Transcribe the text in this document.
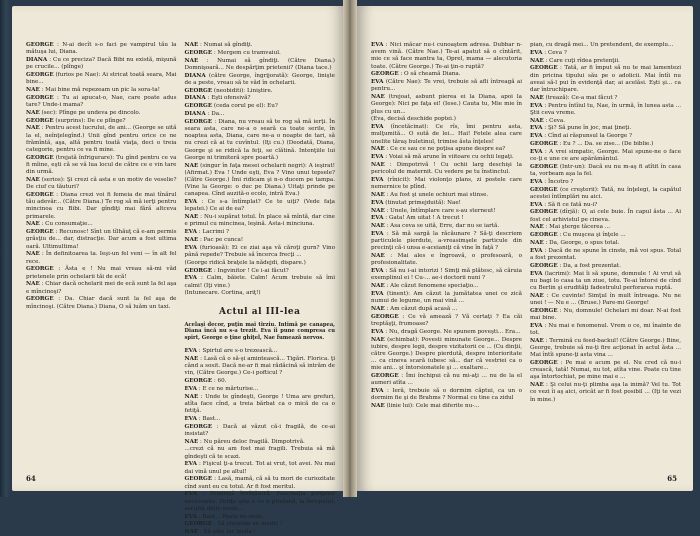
GEORGE : N-ai decît s-o faci pe vampirul tău la mătuşa lui, Diana.

DIANA : Cu ce preciza? Dacă Bibi nu există, mişună pe crucile... (plînge)

GEORGE (furios pe Nae): Ai stricat toată seara, Mai bine...

NAE : Mai bine mă repezeam un pic la sora-ta!

GEORGE : Tu ai apucat-o, Nae, care poate adus tare? Unde-i mama?

NAE (sec): Plînge pe undeva pe dincolo.

GEORGE (surprins): De ce plînge?

NAE : Pentru acest lucrului, de ani... (George se uită la el, neînţelegînd.) Unii gînd pentru orice ce ne frămîntă, aşa, altă pentru toată viaţa, deci o treia categorie, pentru ce va fi mine.

GEORGE (trejată înfrigurare): Tu gînd pentru ce va fi mîine, eşti că se vă lua locul de către ce e vin tare din urmă.

NAE (serios): Şi crezi că asta e un motiv de veselie? De ciuf cu tăuturi?

GEORGE : Diana crezi voi fi femeia de mai tînărul tău adevăr... (Către Diana.) Te rog să mă ierţi pentru mincinoa cu Bibi. Dar gîndiţi mai fără altceva primarele.

NAE : Cu consumaţie...

GEORGE : Recunosc! Sînt un tîlhăuţ că e-am permis grăsţiu de... dar, distracţie. Dar acum a fost ultima oară. Ultimultima!

NAE : În definitoarea ta. Ieşi-un fel veni — în alt fel rece.

GEORGE : Ăsta e ! Nu mai vreau să-mi văd prietenele prin ochelarii tăi de ecă!

NAE : Chiar dacă ochelarii mei de ecă sunt la fel aşa e mîncinoşi?

GEORGE : Da. Chiar dacă sunt la fel aşa de mîncinoşi. (Către Diana.) Diana, O să luăm un taxi.

NAE : Numai să gîndiţi.

GEORGE : Mergem cu tramvaiul.

NAE : Numai să gîndiţi. (Către Diana.) Domnişoară... Ne despărţim prietenii? (Diana tace.)

DIANA (către George, îngrijorată): George, linişte de a peste, vreau să te văd în ochelarii.

GEORGE (neobiditi): Liniştire.

DIANA : Eşti ofensivă?

GEORGE (ceda corul pe el): Eu?

DIANA : Da...

GEORGE : Diana, nu vreau să te rog să mă ierţi. În seara asta, care ne-a o seară ca toate serile, în noaptea asta, Diana, care ne-a o noapte de tari, să nu crezi că ai tu cuvîntul. (Iţi cu.) (Deodată, Diana, George şi se ridică la feţi, se clătină. Intenţiile lui George ni trimiteră spre poartă.)

NAE (singur în faţa mesei ochelarii negri): A ieşirat! (Afirmat.) Eva ! Unde eşti, Eva ? Vino unui tepsele? (Către George.) Îmi ridicam şi n-o ducem pe tampa. (Vine la George: o duc pe Diana.) Uitaţi prinde pe canapea. Cînd auzită-o ecolo, intră Eva.)

EVA : Ce s-a întîmplat? Ce te uiţi? (Vede faţa lepatei.) Ce ai de ea?

NAE : Nu-i supărat totul. În place să mîntă, dar cine e primul cu mincinea, leşină. Asta-i minciuna.

EVA : Lacrimi ?

NAE : Pac pe cunca!

EVA (furioasă): Ei ce ziai aşa vă căroţi gurn? Vino până repede? Trebuie să încerca frecţi ...

(George ridică braţele la nădejdi, dispare.)

GEORGE : Ingvinitor ! Ce i-ai făcut?

EVA : Calm, băiete. Calm! Acum trebuie să îmi calmi! (Iţi vine.)

(Intunecare. Cortina, ariţ!)

Actul al III-lea
Acelaşi decor, puţin mai tîrziu. Intimă pe canapea, Diana încă nu s-a trezit. Eva îi pune compresa cu spirt, George o ţine ghiţel, Nae fumează nervos.

EVA : Spirtul are s-o trezească...

NAE : Lasă că o să-şi amintească... Tigări. Florica. ţi când a sosit. Dacă ne-ar fi mai rădăcină să intrăm de vin, (Către George.) Ce-i pofticul ?

GEORGE : 60.

EVA : E ce ne mărturise...

NAE : Unde te gîndeşti, George ! Uma are grefuri, atîta face cînd, a treia bărbat ca o mică de ca o fetiţă.

EVA : Bast...

GEORGE : Dacă ai văzut că-i fragilă, de ce-ai insistat?

NAE : Nu păreu deloc fragilă. Dimpotrivă.

...crezi că nu am fost mai fragili. Trebuia să mă gîndeşti că te scazi.

EVA : Fişicul ţi-a trecut. Tot ai vrut, tot avei. Nu mai dai vină unul pe altul!

GEORGE : Lasă, mamă, că să tu mori de curiozitate cînd sunt eu cu totul. Ar fi fost meritul.

EVA : Tendinţă învăţătură. Fascinaţia poliţelor necuvenite. Fetiţa asta e cu o prietenă, la începutul, ascultă dintr-unele...

EVA : Bast... Poate ne-uede.

GEORGE : Să chemăm un medic !

NAE : Să aibe loc boala !

64

EVA : Nici măcar nu-i cunoaştem adresa. Dubbar n-avem vină. (Către Nae.) Te-ai apatut să o cîntărit, mie ce să face mantra ta, Oprel, mama — alecutoria toate. (Către George.) Te-ai ţin-o ruptă?

GEORGE : O să cheamă Diana.

EVA (Către Nae): Te vrei, trebuie să afli întreagă ai pentru...

NAE (trejoat, asbunt pierea ei la Diana, apoi la George): Nici pe faţa ei! (Iese.) Cauta tu, Mie mie în plus cu un...

(Eva, decisă deschide poptei.)

EVA (încetăcinat): Ce rîs, îmi pentru asta, mulţumită... O sută de lei... Hai! Fetele alea care unelite tăraş buletinul, trimise ăsta înţeles!

NAE : Ce ce sau ce ne poţisa apune despre ea?

EVA : Voiai să mă arune în viitoare cu ochii legaţi.

NAE : Dimpotrivă ! Cu ochii larg deschişi la pericolul de maternit. Cu vedere pe tu înstinctul.

EVA (rînicit): Mai violonţo plans, zi postele care nemernice te plînd.

NAE : Au fost şi unele ochiuri mai stinse.

EVA (tinutat primejduită): Nae!

NAE : Unele, întîmplare care s-au sterneut!

EVA : Gata! Am uitat ! A trecut !

NAE : Asa ceva se uită, Erre, dar nu se iartă.

EVA : Să mă sargă la răcăunare ? Să-ţi descriem particulele pierdute, a-vreasimşele particule din precinţi că-i unsa e-aceianiţi că vine în faţă ?

NAE : Mai ales e îngroavă, o profesoară, o profesionalitate.

EVA : Să nu i-ai intorizi ! Simţi mă plătesc, să căruia exemplinul ei ! Cu-... ae-i doctorii nuni ?

NAE : Ale căzut fenomene speciaţio...

EVA (tinent): Am căzut la jumătatea unei ce zică numui de legume, un mai vină ...

NAE : Am căzut după acasă ...

GEORGE : Ce vă amează ? Vă certaţi ? Ea căi treptăşţi, frumoase?

EVA : Nu, dragă George. Ne spunem poveşti... Era...

NAE (schimbat): Povesti minunate George... Despre iubire, despre legii, despre vizitatorii ce ... (Cu dinţii, către George.) Despre pierdută, despre interioritate ... ca cineva scară iubesc să... dar că vestriei ca o mie ani... şi întorsionatele şi ... exaltare...

GEORGE : Îmi închipui că nu mi-aţi ... nu de la el aumeri atîta ...

EVA : Ieră, trebuie să o dormim căptui, ca un o dormim fie şi de Brahms ? Normal cu tine ca zidul

NAE (linie lui): Cele mai diferite nu-...

pian, cu dragă mei... Un pretendent, de exemplu...

EVA : Ceva ?

NAE : Care cuţi rîdea pretenţii.

GEORGE : Tată, ar fi împut să nu te mai lamentezi din pricina tipului său pe o adolicii. Mai întîi nu aveai să-l pui în evidenţă dar, ai acelăsi. Eşti şi... ca dar întruchipare.

NAE (trează): Ce-a mai făcut ?

EVA : Pentru întîiul tu, Nae, în urmă, în lunea asta ... Ştii ceva vreme.

NAE : Ceva.

EVA : Şi? Să pune în joc, mai ţineţi.

EVA : Cînd ai răspunsul la George ?

GEORGE : Eu ? ... Da. se zise... (De biblie.)

EVA : A vrei simpatic, George. Mai spune-ne o face ce-ţi e une ce are apărământul.

GEORGE (Intr-un): Dacă eu nu m-aş fi atîtit în casa ta, vorbeam aşa la fel.

EVA : Încotro ?

GEORGE (ce creşterii): Tată, nu înţelegi, la capătul acestei întîmplări nu aici.

EVA : Să fi ce fată nu-i?

GEORGE (dîrjă): O, ai cele buie. În capul ăsta ... Ai fost cel arhivistul pe cineva.

NAE : Mai şterge tăcerea ...

GEORGE : Cu muşcea şi înţele ...

NAE : Da, George, o spus total.

EVA : Dacă de ne spune în cinste, mă voi spus. Total a fost prezentat.

GEORGE : Da, a fost prezentat.

EVA (lacrimi): Mai îi să spune, domnule ! Ai vrut să nu bagi lo casa ta un ziue, totu. Te-ai întorsi de cînd cu Berlin şi erudităţi fadestrulul perforarea ruptă.

NAE : Ce cuvinte! Simţul în mult întreaga. Nu ne unei ! — Nu e ... (Bruse.) Pare-mi George!

GEORGE : Nu, domnule! Ochelari mi doar. N-ai fost mai bine.

EVA : Nu mai e fenomenul. Vrem o ce, mi înainte de tot.

NAE : Termină cu feed-backul! (Către George.) Bine, George, trebuie să nu-ţi fire acţionat în actul ăsta ... Mai întîi spune-ţi asta vina ...

GEORGE : Pe mai e acum pe el. Nu cred că nu-i crească, tată! Numai, nu tot, atîta vine. Poate cu tine aşa întortochiat, pe mine mai e ...

NAE : Şi celui nu-ţi plimba aşa la inimă? Vel tu. Tot ce vezi îi aş aici, oricât ar fi fost posibil ... (Iţi te vezi în mine.)

65
